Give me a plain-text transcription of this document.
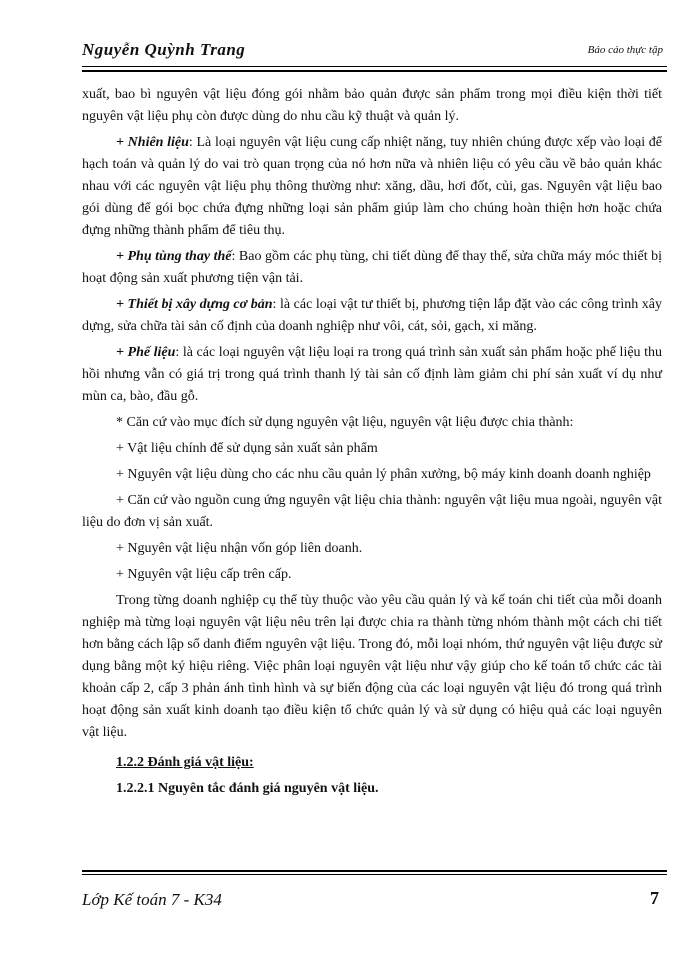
Nguyễn Quỳnh Trang	Báo cáo thực tập

xuất, bao bì nguyên vật liệu đóng gói nhằm bảo quản được sản phẩm trong mọi điều kiện thời tiết nguyên vật liệu phụ còn được dùng do nhu cầu kỹ thuật và quản lý.

+ Nhiên liệu: Là loại nguyên vật liệu cung cấp nhiệt năng, tuy nhiên chúng được xếp vào loại để hạch toán và quản lý do vai trò quan trọng của nó hơn nữa và nhiên liệu có yêu cầu về bảo quản khác nhau với các nguyên vật liệu phụ thông thường như: xăng, dầu, hơi đốt, củi, gas. Nguyên vật liệu bao gói dùng để gói bọc chứa đựng những loại sản phẩm giúp làm cho chúng hoàn thiện hơn hoặc chứa đựng những thành phẩm để tiêu thụ.

+ Phụ tùng thay thế: Bao gồm các phụ tùng, chi tiết dùng để thay thế, sửa chữa máy móc thiết bị hoạt động sản xuất phương tiện vận tải.

+ Thiết bị xây dựng cơ bản: là các loại vật tư thiết bị, phương tiện lắp đặt vào các công trình xây dựng, sửa chữa tài sản cố định của doanh nghiệp như vôi, cát, sỏi, gạch, xi măng.

+ Phế liệu: là các loại nguyên vật liệu loại ra trong quá trình sản xuất sản phẩm hoặc phế liệu thu hồi nhưng vẫn có giá trị trong quá trình thanh lý tài sản cố định làm giảm chi phí sản xuất ví dụ như mùn ca, bào, đầu gỗ.

* Căn cứ vào mục đích sử dụng nguyên vật liệu, nguyên vật liệu được chia thành:

+ Vật liệu chính để sử dụng sản xuất sản phẩm

+ Nguyên vật liệu dùng cho các nhu cầu quản lý phân xưởng, bộ máy kinh doanh doanh nghiệp

+ Căn cứ vào nguồn cung ứng nguyên vật liệu chia thành: nguyên vật liệu mua ngoài, nguyên vật liệu do đơn vị sản xuất.

+ Nguyên vật liệu nhận vốn góp liên doanh.

+ Nguyên vật liệu cấp trên cấp.

Trong từng doanh nghiệp cụ thể tùy thuộc vào yêu cầu quản lý và kế toán chi tiết của mỗi doanh nghiệp mà từng loại nguyên vật liệu nêu trên lại được chia ra thành từng nhóm thành một cách chi tiết hơn bằng cách lập sổ danh điểm nguyên vật liệu. Trong đó, mỗi loại nhóm, thứ nguyên vật liệu được sử dụng bằng một ký hiệu riêng. Việc phân loại nguyên vật liệu như vậy giúp cho kế toán tổ chức các tài khoản cấp 2, cấp 3 phản ánh tình hình và sự biến động của các loại nguyên vật liệu đó trong quá trình hoạt động sản xuất kinh doanh tạo điều kiện tổ chức quản lý và sử dụng có hiệu quả các loại nguyên vật liệu.

1.2.2 Đánh giá vật liệu:

1.2.2.1 Nguyên tắc đánh giá nguyên vật liệu.

Lớp Kế toán 7 - K34	7
